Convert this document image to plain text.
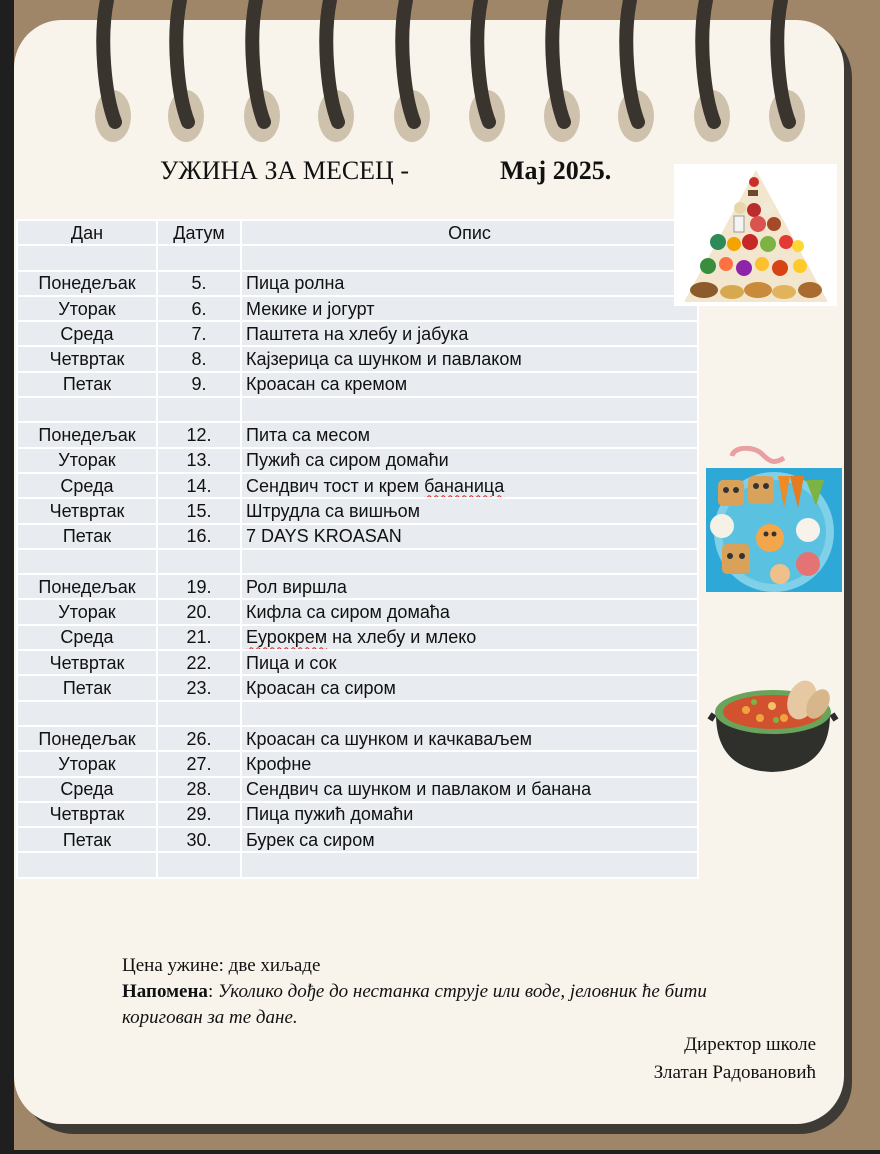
УЖИНА ЗА МЕСЕЦ -	Мај 2025.
Дан	Датум	Опис

Понедељак	5.	Пица ролна
Уторак	6.	Мекике и јогурт
Среда	7.	Паштета на хлебу и јабука
Четвртак	8.	Кајзерица са шунком и павлаком
Петак	9.	Кроасан са кремом

Понедељак	12.	Пита са месом
Уторак	13.	Пужић са сиром домаћи
Среда	14.	Сендвич тост и крем бананица
Четвртак	15.	Штрудла са вишњом
Петак	16.	7 DAYS KROASAN

Понедељак	19.	Рол виршла
Уторак	20.	Кифла са сиром домаћа
Среда	21.	Еурокрем на хлебу и млеко
Четвртак	22.	Пица и сок
Петак	23.	Кроасан са сиром

Понедељак	26.	Кроасан са шунком и качкаваљем
Уторак	27.	Крофне
Среда	28.	Сендвич са шунком и павлаком и банана
Четвртак	29.	Пица пужић домаћи
Петак	30.	Бурек са сиром

Цена ужине: две хиљаде
Напомена: Уколико дође до нестанка струје или воде, јеловник ће бити коригован за те дане.
Директор школе
Златан Радовановић
